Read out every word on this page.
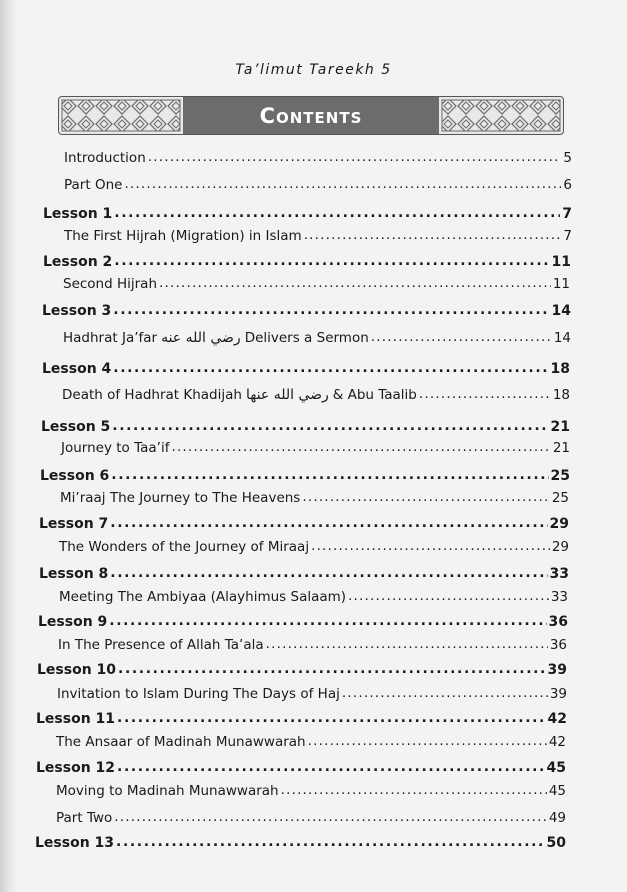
Ta’limut Tareekh 5
Contents
Introduction .....	5
Part One .....	6
Lesson 1 .....	7
The First Hijrah (Migration) in Islam .....	7
Lesson 2 .....	11
Second Hijrah .....	11
Lesson 3 .....	14
Hadhrat Ja’far رضي الله عنه Delivers a Sermon .....	14
Lesson 4 .....	18
Death of Hadhrat Khadijah رضي الله عنها & Abu Taalib .....	18
Lesson 5 .....	21
Journey to Taa’if .....	21
Lesson 6 .....	25
Mi’raaj The Journey to The Heavens .....	25
Lesson 7 .....	29
The Wonders of the Journey of Miraaj .....	29
Lesson 8 .....	33
Meeting The Ambiyaa (Alayhimus Salaam) .....	33
Lesson 9 .....	36
In The Presence of Allah Ta’ala .....	36
Lesson 10 .....	39
Invitation to Islam During The Days of Haj .....	39
Lesson 11 .....	42
The Ansaar of Madinah Munawwarah .....	42
Lesson 12 .....	45
Moving to Madinah Munawwarah .....	45
Part Two .....	49
Lesson 13 .....	50
